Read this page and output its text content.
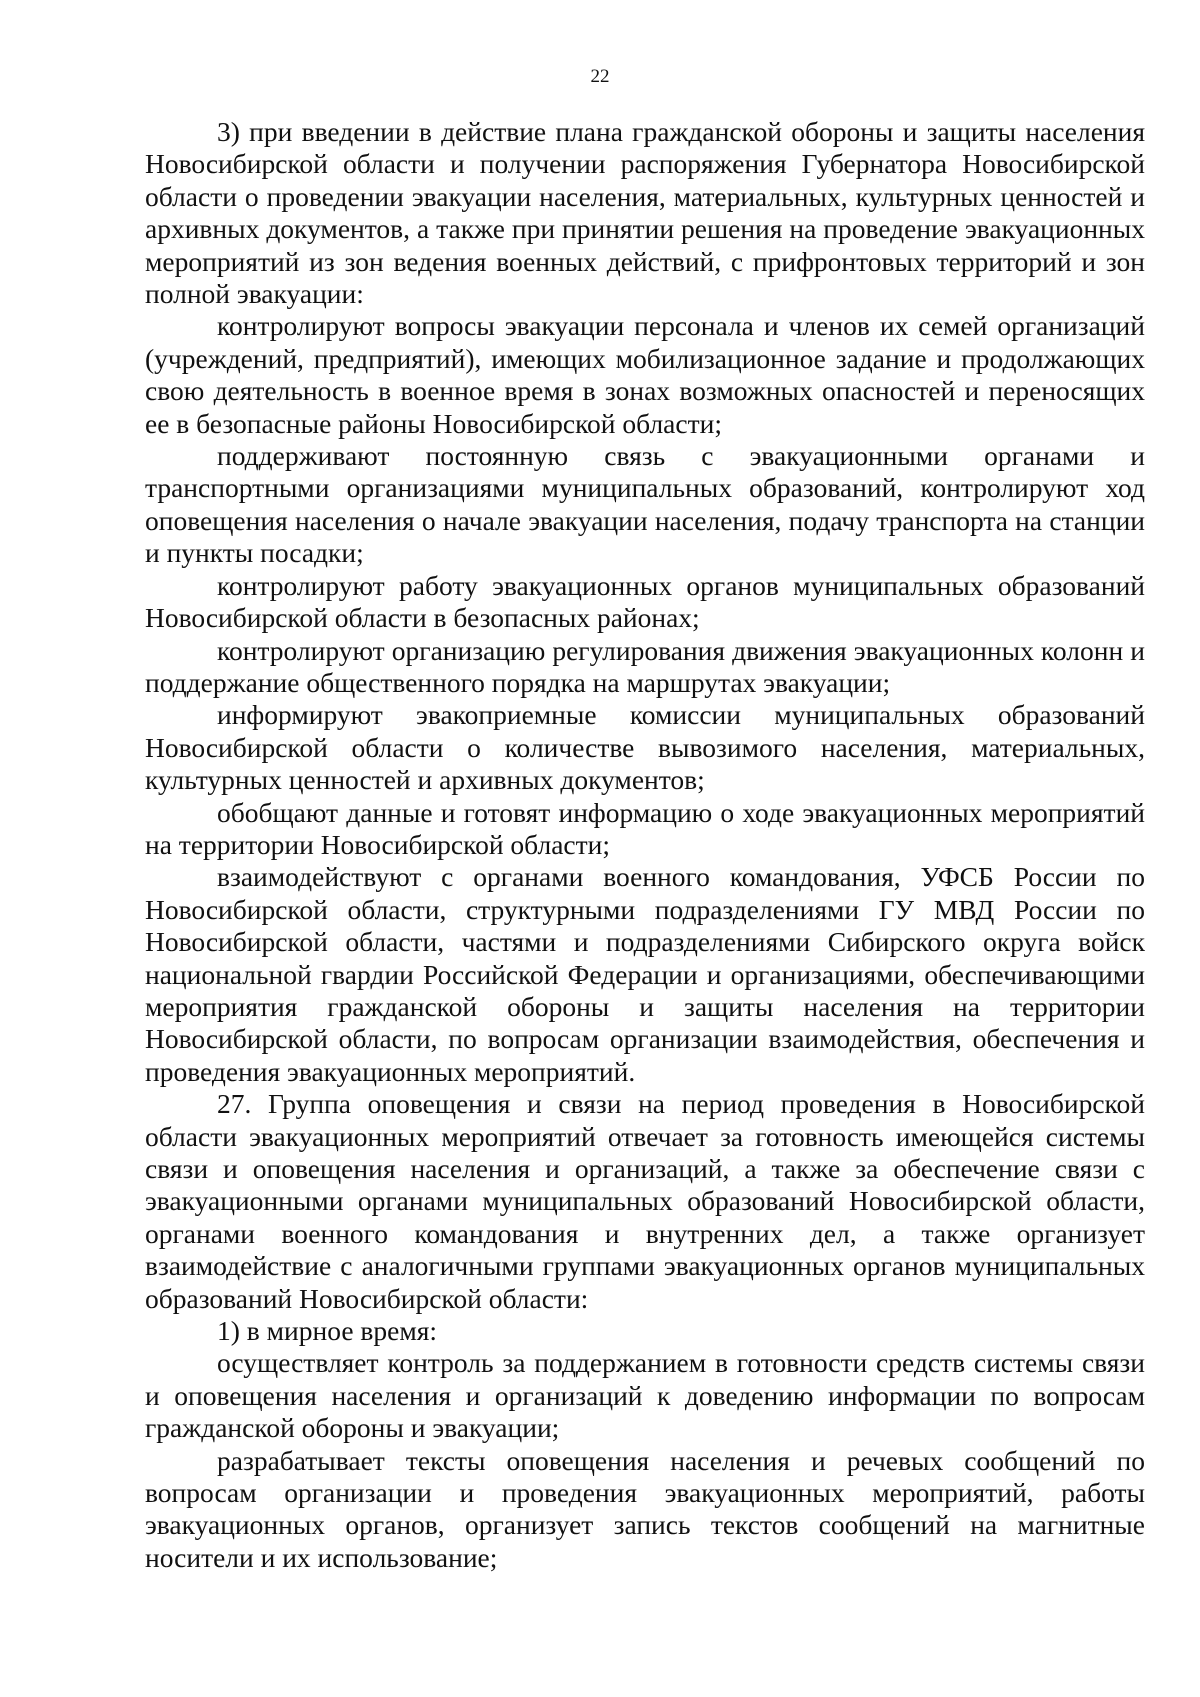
22

3) при введении в действие плана гражданской обороны и защиты населения Новосибирской области и получении распоряжения Губернатора Новосибирской области о проведении эвакуации населения, материальных, культурных ценностей и архивных документов, а также при принятии решения на проведение эвакуационных мероприятий из зон ведения военных действий, с прифронтовых территорий и зон полной эвакуации:

контролируют вопросы эвакуации персонала и членов их семей организаций (учреждений, предприятий), имеющих мобилизационное задание и продолжающих свою деятельность в военное время в зонах возможных опасностей и переносящих ее в безопасные районы Новосибирской области;

поддерживают постоянную связь с эвакуационными органами и транспортными организациями муниципальных образований, контролируют ход оповещения населения о начале эвакуации населения, подачу транспорта на станции и пункты посадки;

контролируют работу эвакуационных органов муниципальных образований Новосибирской области в безопасных районах;

контролируют организацию регулирования движения эвакуационных колонн и поддержание общественного порядка на маршрутах эвакуации;

информируют эвакоприемные комиссии муниципальных образований Новосибирской области о количестве вывозимого населения, материальных, культурных ценностей и архивных документов;

обобщают данные и готовят информацию о ходе эвакуационных мероприятий на территории Новосибирской области;

взаимодействуют с органами военного командования, УФСБ России по Новосибирской области, структурными подразделениями ГУ МВД России по Новосибирской области, частями и подразделениями Сибирского округа войск национальной гвардии Российской Федерации и организациями, обеспечивающими мероприятия гражданской обороны и защиты населения на территории Новосибирской области, по вопросам организации взаимодействия, обеспечения и проведения эвакуационных мероприятий.

27. Группа оповещения и связи на период проведения в Новосибирской области эвакуационных мероприятий отвечает за готовность имеющейся системы связи и оповещения населения и организаций, а также за обеспечение связи с эвакуационными органами муниципальных образований Новосибирской области, органами военного командования и внутренних дел, а также организует взаимодействие с аналогичными группами эвакуационных органов муниципальных образований Новосибирской области:

1) в мирное время:

осуществляет контроль за поддержанием в готовности средств системы связи и оповещения населения и организаций к доведению информации по вопросам гражданской обороны и эвакуации;

разрабатывает тексты оповещения населения и речевых сообщений по вопросам организации и проведения эвакуационных мероприятий, работы эвакуационных органов, организует запись текстов сообщений на магнитные носители и их использование;
